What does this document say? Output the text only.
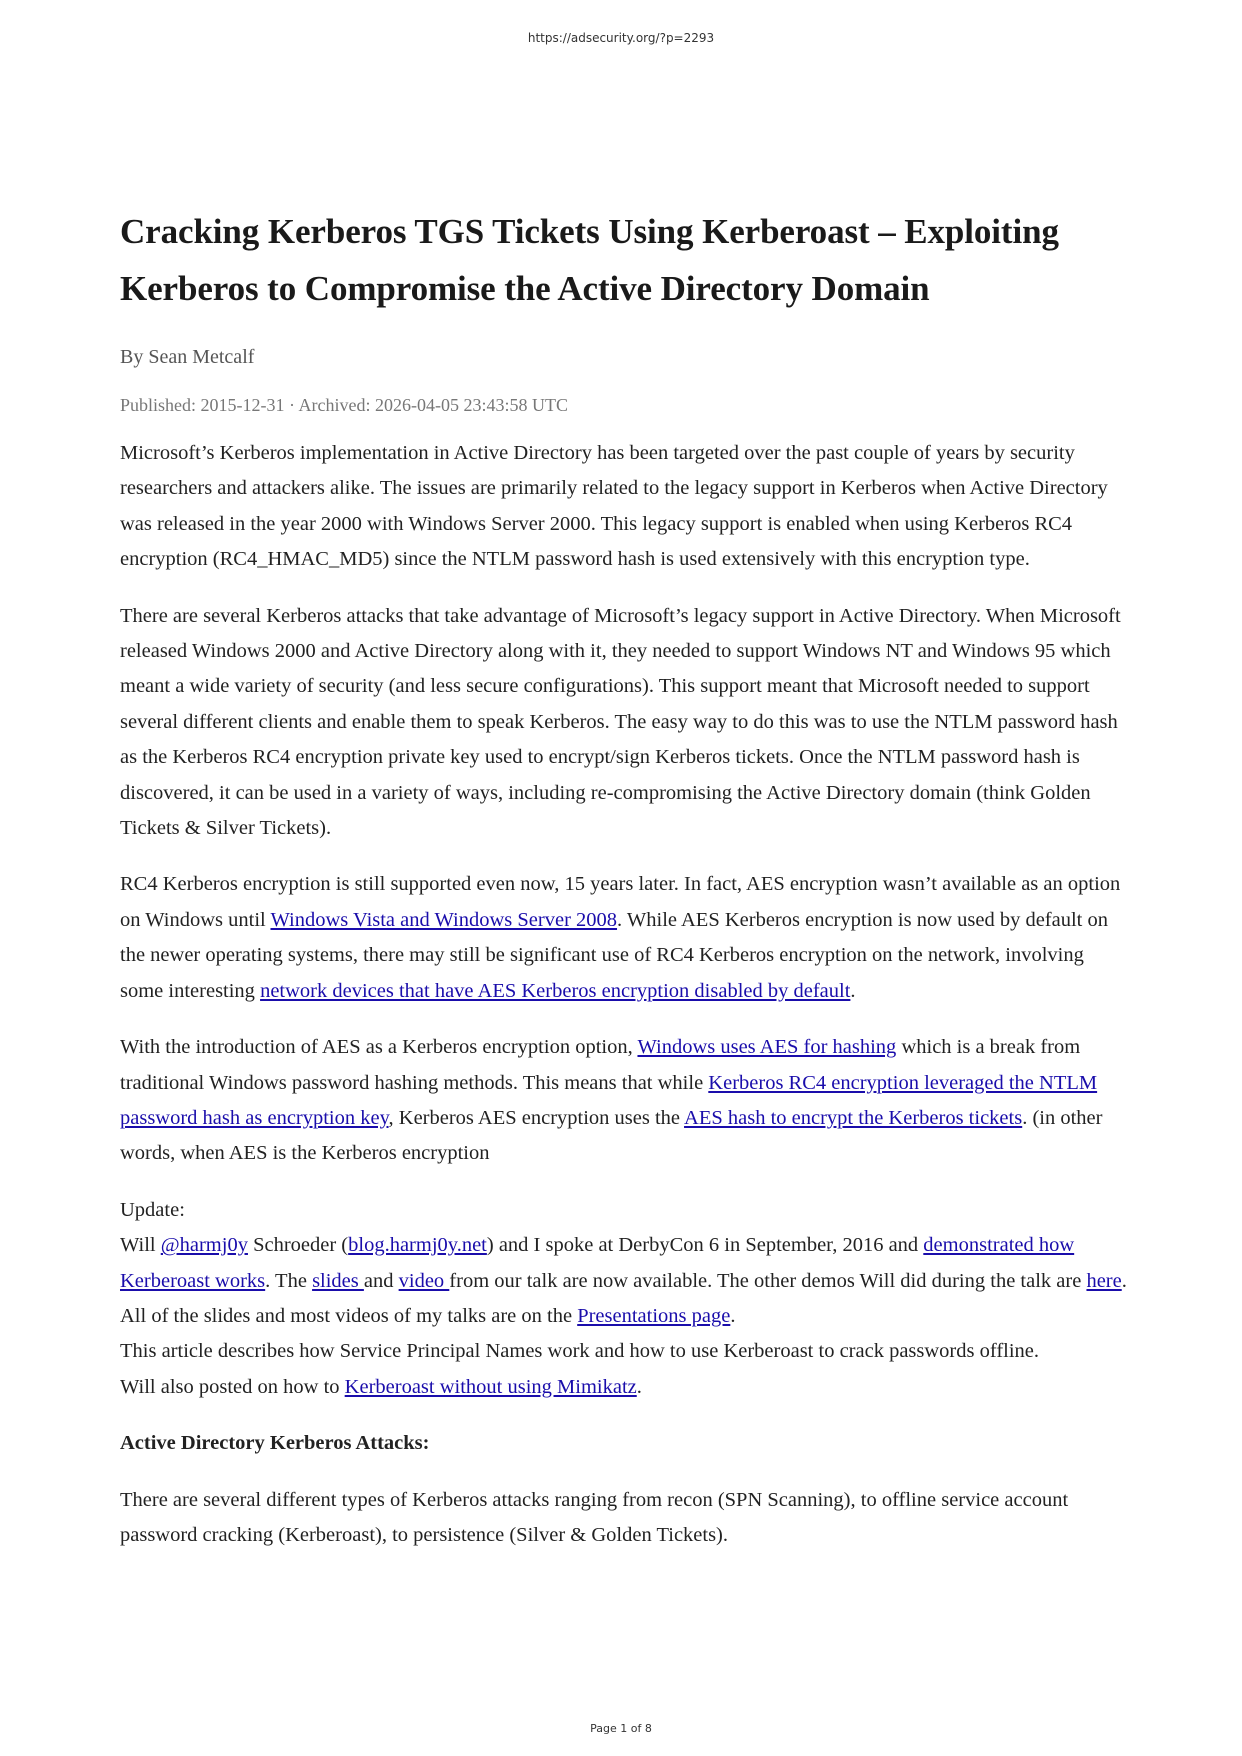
https://adsecurity.org/?p=2293
Cracking Kerberos TGS Tickets Using Kerberoast – Exploiting Kerberos to Compromise the Active Directory Domain
By Sean Metcalf
Published: 2015-12-31 · Archived: 2026-04-05 23:43:58 UTC

Microsoft’s Kerberos implementation in Active Directory has been targeted over the past couple of years by security researchers and attackers alike. The issues are primarily related to the legacy support in Kerberos when Active Directory was released in the year 2000 with Windows Server 2000. This legacy support is enabled when using Kerberos RC4 encryption (RC4_HMAC_MD5) since the NTLM password hash is used extensively with this encryption type.

There are several Kerberos attacks that take advantage of Microsoft’s legacy support in Active Directory. When Microsoft released Windows 2000 and Active Directory along with it, they needed to support Windows NT and Windows 95 which meant a wide variety of security (and less secure configurations). This support meant that Microsoft needed to support several different clients and enable them to speak Kerberos. The easy way to do this was to use the NTLM password hash as the Kerberos RC4 encryption private key used to encrypt/sign Kerberos tickets. Once the NTLM password hash is discovered, it can be used in a variety of ways, including re-compromising the Active Directory domain (think Golden Tickets & Silver Tickets).

RC4 Kerberos encryption is still supported even now, 15 years later. In fact, AES encryption wasn’t available as an option on Windows until Windows Vista and Windows Server 2008. While AES Kerberos encryption is now used by default on the newer operating systems, there may still be significant use of RC4 Kerberos encryption on the network, involving some interesting network devices that have AES Kerberos encryption disabled by default.

With the introduction of AES as a Kerberos encryption option, Windows uses AES for hashing which is a break from traditional Windows password hashing methods. This means that while Kerberos RC4 encryption leveraged the NTLM password hash as encryption key, Kerberos AES encryption uses the AES hash to encrypt the Kerberos tickets. (in other words, when AES is the Kerberos encryption

Update:
Will @harmj0y Schroeder (blog.harmj0y.net) and I spoke at DerbyCon 6 in September, 2016 and demonstrated how Kerberoast works. The slides and video from our talk are now available. The other demos Will did during the talk are here.
All of the slides and most videos of my talks are on the Presentations page.
This article describes how Service Principal Names work and how to use Kerberoast to crack passwords offline.
Will also posted on how to Kerberoast without using Mimikatz.

Active Directory Kerberos Attacks:

There are several different types of Kerberos attacks ranging from recon (SPN Scanning), to offline service account password cracking (Kerberoast), to persistence (Silver & Golden Tickets).

Page 1 of 8
